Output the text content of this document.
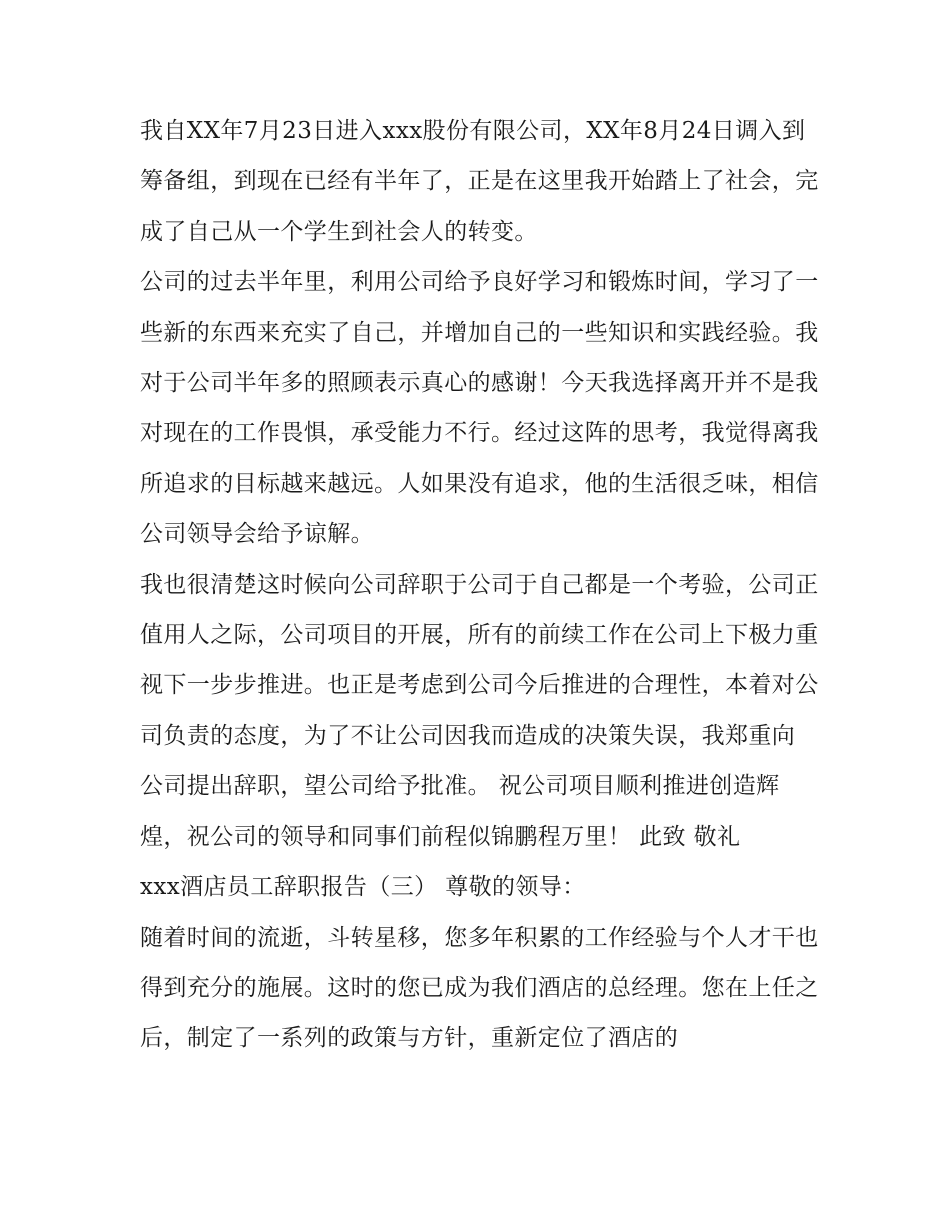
我自XX年7月23日进入xxx股份有限公司，XX年8月24日调入到筹备组，到现在已经有半年了，正是在这里我开始踏上了社会，完成了自己从一个学生到社会人的转变。

公司的过去半年里，利用公司给予良好学习和锻炼时间，学习了一些新的东西来充实了自己，并增加自己的一些知识和实践经验。我对于公司半年多的照顾表示真心的感谢！今天我选择离开并不是我对现在的工作畏惧，承受能力不行。经过这阵的思考，我觉得离我所追求的目标越来越远。人如果没有追求，他的生活很乏味，相信公司领导会给予谅解。

我也很清楚这时候向公司辞职于公司于自己都是一个考验，公司正值用人之际，公司项目的开展，所有的前续工作在公司上下极力重视下一步步推进。也正是考虑到公司今后推进的合理性，本着对公司负责的态度，为了不让公司因我而造成的决策失误，我郑重向

公司提出辞职，望公司给予批准。 祝公司项目顺利推进创造辉煌，祝公司的领导和同事们前程似锦鹏程万里！ 此致 敬礼

xxx酒店员工辞职报告（三） 尊敬的领导：

随着时间的流逝，斗转星移，您多年积累的工作经验与个人才干也得到充分的施展。这时的您已成为我们酒店的总经理。您在上任之后，制定了一系列的政策与方针，重新定位了酒店的
